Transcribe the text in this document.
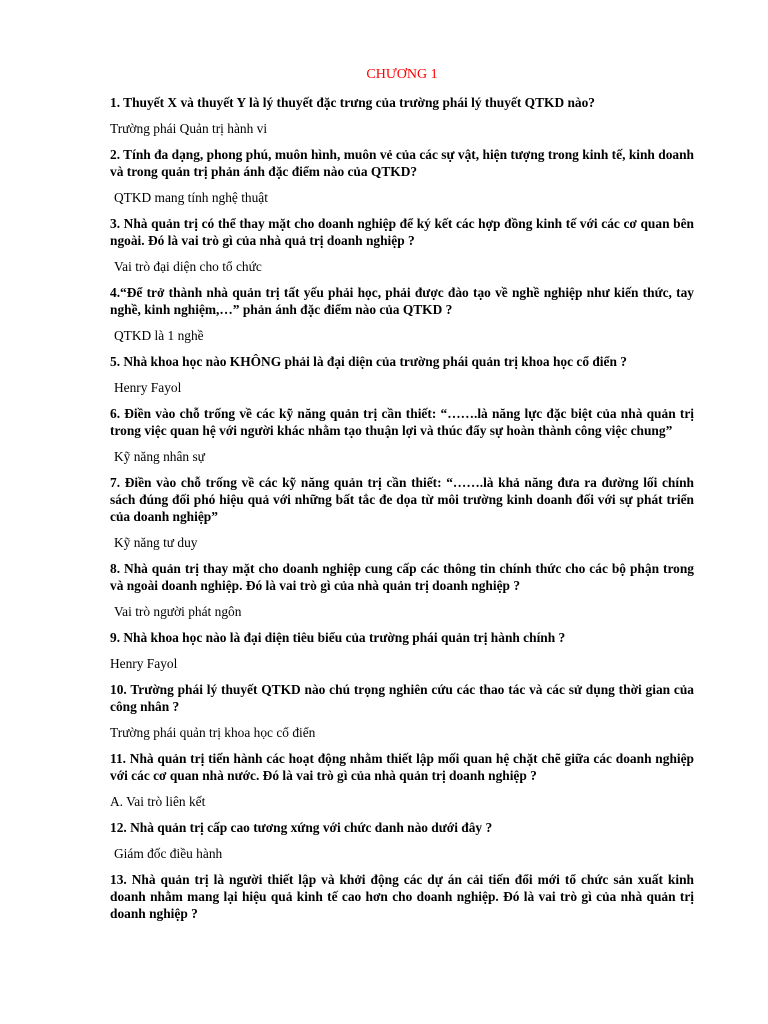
CHƯƠNG 1

1. Thuyết X và thuyết Y là lý thuyết đặc trưng của trường phái lý thuyết QTKD nào?

Trường phái Quản trị hành vi

2. Tính đa dạng, phong phú, muôn hình, muôn vẻ của các sự vật, hiện tượng trong kinh tế, kinh doanh và trong quản trị phản ánh đặc điểm nào của QTKD?

QTKD mang tính nghệ thuật

3. Nhà quản trị có thể thay mặt cho doanh nghiệp để ký kết các hợp đồng kinh tế với các cơ quan bên ngoài. Đó là vai trò gì của nhà quả trị doanh nghiệp ?

Vai trò đại diện cho tổ chức

4.“Để trở thành nhà quản trị tất yếu phải học, phải được đào tạo về nghề nghiệp như kiến thức, tay nghề, kinh nghiệm,…” phản ánh đặc điểm nào của QTKD ?

QTKD là 1 nghề

5. Nhà khoa học nào KHÔNG phải là đại diện của trường phái quản trị khoa học cổ điển ?

Henry Fayol

6. Điền vào chỗ trống về các kỹ năng quản trị cần thiết: “…….là năng lực đặc biệt của nhà quản trị trong việc quan hệ với người khác nhằm tạo thuận lợi và thúc đẩy sự hoàn thành công việc chung”

Kỹ năng nhân sự

7. Điền vào chỗ trống về các kỹ năng quản trị cần thiết: “…….là khả năng đưa ra đường lối chính sách đúng đối phó hiệu quả với những bất tắc đe dọa từ môi trường kinh doanh đối với sự phát triển của doanh nghiệp”

Kỹ năng tư duy

8. Nhà quản trị thay mặt cho doanh nghiệp cung cấp các thông tin chính thức cho các bộ phận trong và ngoài doanh nghiệp. Đó là vai trò gì của nhà quản trị doanh nghiệp ?

Vai trò người phát ngôn

9. Nhà khoa học nào là đại diện tiêu biểu của trường phái quản trị hành chính ?

Henry Fayol

10. Trường phái lý thuyết QTKD nào chú trọng nghiên cứu các thao tác và các sử dụng thời gian của công nhân ?

Trường phái quản trị khoa học cổ điển

11. Nhà quản trị tiến hành các hoạt động nhằm thiết lập mối quan hệ chặt chẽ giữa các doanh nghiệp với các cơ quan nhà nước. Đó là vai trò gì của nhà quản trị doanh nghiệp ?

A. Vai trò liên kết

12. Nhà quản trị cấp cao tương xứng với chức danh nào dưới đây ?

Giám đốc điều hành

13. Nhà quản trị là người thiết lập và khởi động các dự án cải tiến đổi mới tổ chức sản xuất kinh doanh nhằm mang lại hiệu quả kinh tế cao hơn cho doanh nghiệp. Đó là vai trò gì của nhà quản trị doanh nghiệp ?
